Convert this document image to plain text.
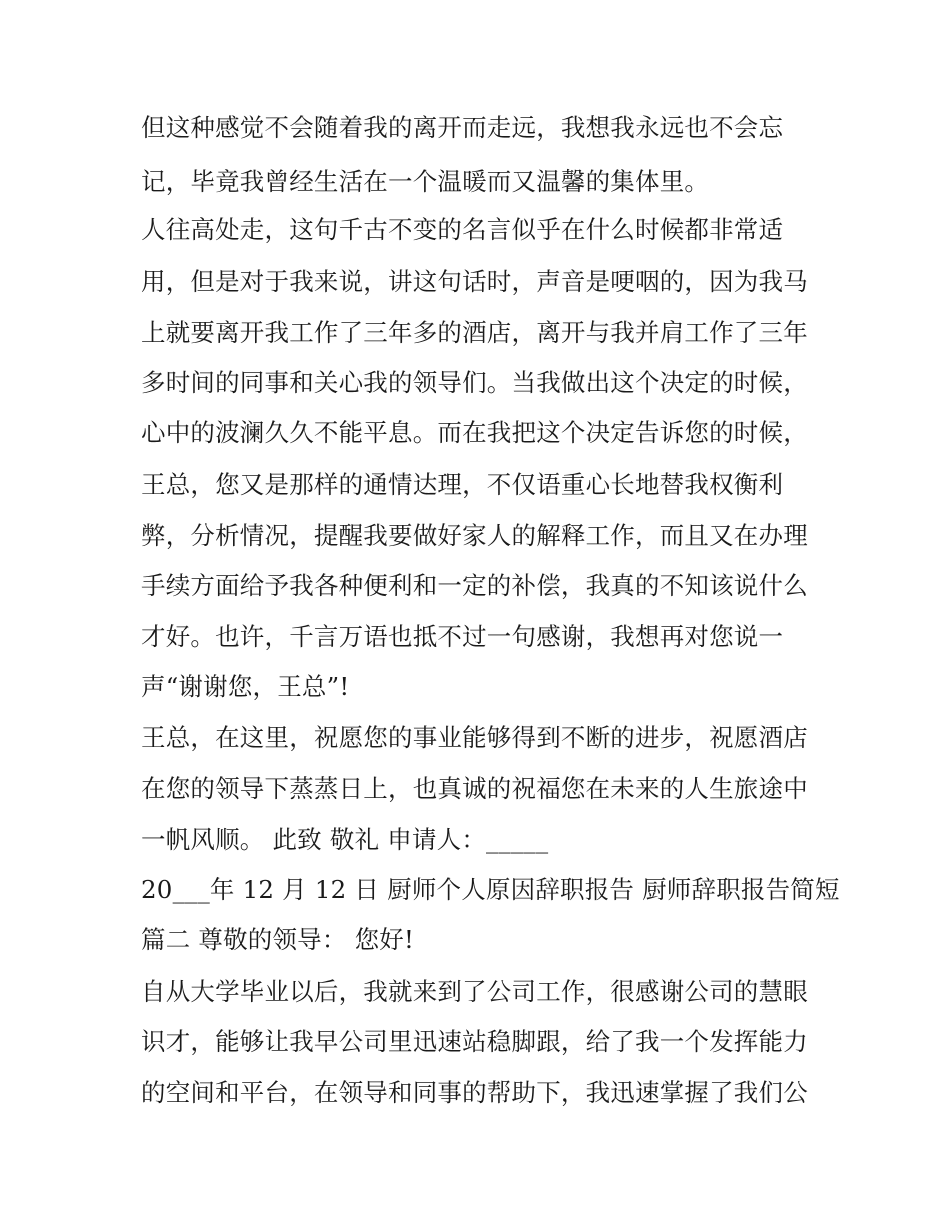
但这种感觉不会随着我的离开而走远，我想我永远也不会忘
记，毕竟我曾经生活在一个温暖而又温馨的集体里。
人往高处走，这句千古不变的名言似乎在什么时候都非常适
用，但是对于我来说，讲这句话时，声音是哽咽的，因为我马
上就要离开我工作了三年多的酒店，离开与我并肩工作了三年
多时间的同事和关心我的领导们。当我做出这个决定的时候，
心中的波澜久久不能平息。而在我把这个决定告诉您的时候，
王总，您又是那样的通情达理，不仅语重心长地替我权衡利
弊，分析情况，提醒我要做好家人的解释工作，而且又在办理
手续方面给予我各种便利和一定的补偿，我真的不知该说什么
才好。也许，千言万语也抵不过一句感谢，我想再对您说一
声“谢谢您，王总”!
王总，在这里，祝愿您的事业能够得到不断的进步，祝愿酒店
在您的领导下蒸蒸日上，也真诚的祝福您在未来的人生旅途中
一帆风顺。 此致 敬礼 申请人：_____
20___年 12 月 12 日 厨师个人原因辞职报告 厨师辞职报告简短
篇二 尊敬的领导： 您好!
自从大学毕业以后，我就来到了公司工作，很感谢公司的慧眼
识才，能够让我早公司里迅速站稳脚跟，给了我一个发挥能力
的空间和平台，在领导和同事的帮助下，我迅速掌握了我们公
